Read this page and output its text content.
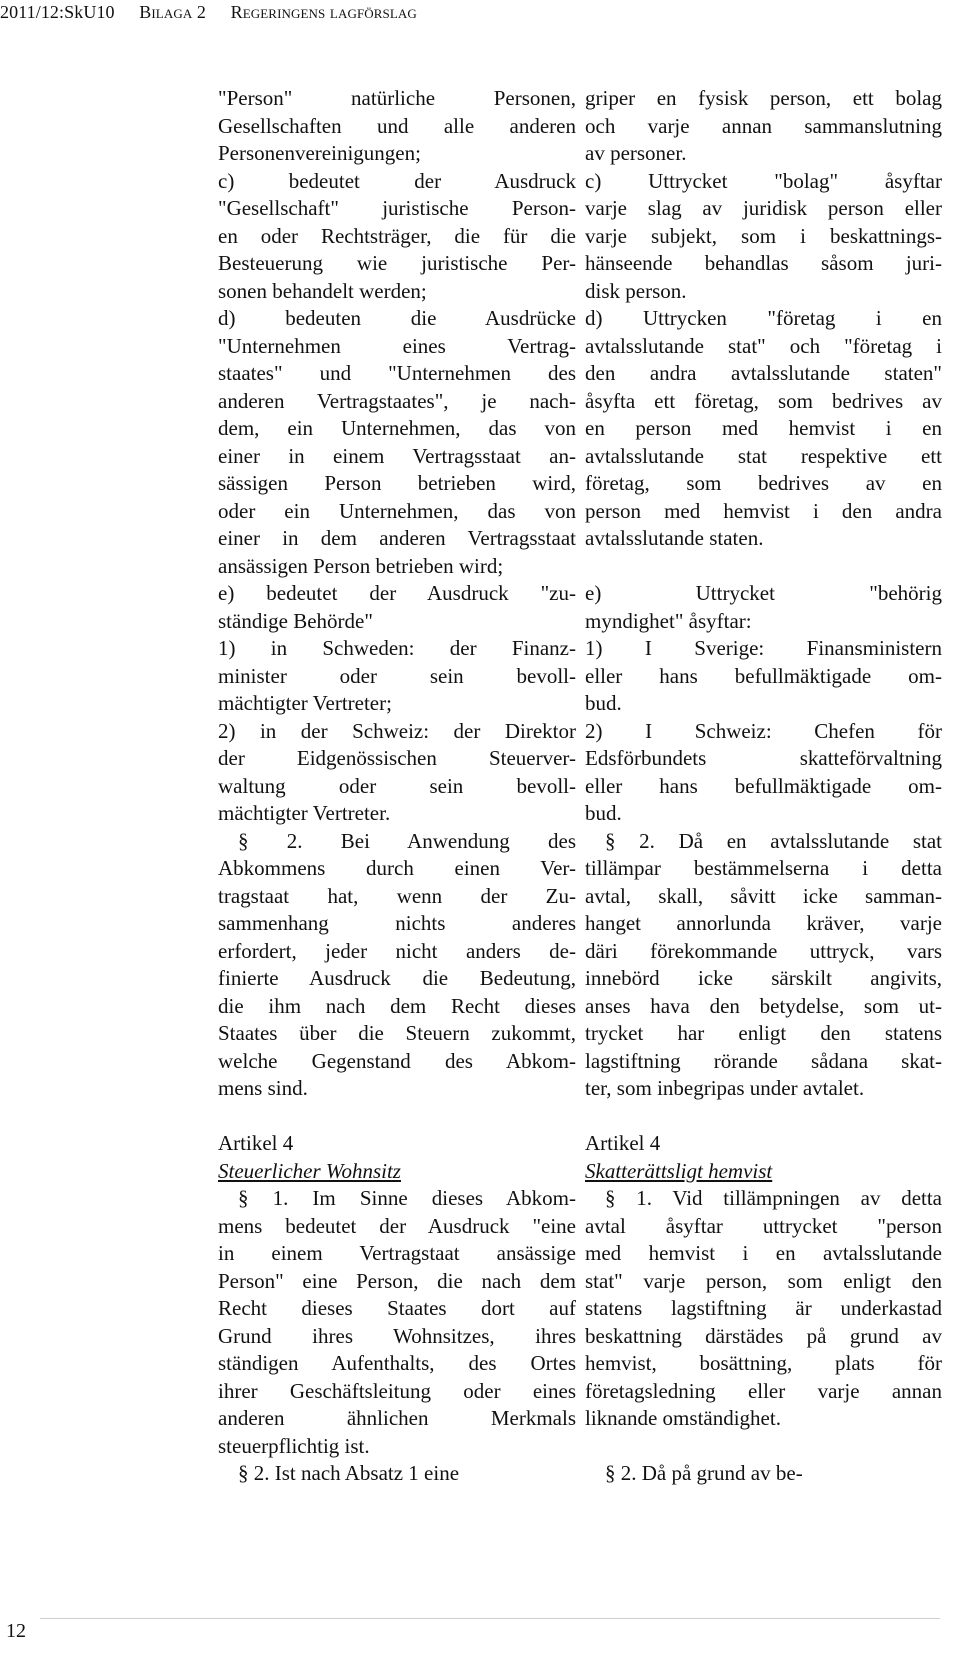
2011/12:SkU10 Bilaga 2 Regeringens lagförslag
"Person" natürliche Personen,
Gesellschaften und alle anderen
Personenvereinigungen;
c) bedeutet der Ausdruck
"Gesellschaft" juristische Person-
en oder Rechtsträger, die für die
Besteuerung wie juristische Per-
sonen behandelt werden;
d) bedeuten die Ausdrücke
"Unternehmen eines Vertrag-
staates" und "Unternehmen des
anderen Vertragstaates", je nach-
dem, ein Unternehmen, das von
einer in einem Vertragsstaat an-
sässigen Person betrieben wird,
oder ein Unternehmen, das von
einer in dem anderen Vertragsstaat
ansässigen Person betrieben wird;
e) bedeutet der Ausdruck "zu-
ständige Behörde"
1) in Schweden: der Finanz-
minister oder sein bevoll-
mächtigter Vertreter;
2) in der Schweiz: der Direktor
der Eidgenössischen Steuerver-
waltung oder sein bevoll-
mächtigter Vertreter.
§ 2. Bei Anwendung des
Abkommens durch einen Ver-
tragstaat hat, wenn der Zu-
sammenhang nichts anderes
erfordert, jeder nicht anders de-
finierte Ausdruck die Bedeutung,
die ihm nach dem Recht dieses
Staates über die Steuern zukommt,
welche Gegenstand des Abkom-
mens sind.
Artikel 4
Steuerlicher Wohnsitz
§ 1. Im Sinne dieses Abkom-
mens bedeutet der Ausdruck "eine
in einem Vertragstaat ansässige
Person" eine Person, die nach dem
Recht dieses Staates dort auf
Grund ihres Wohnsitzes, ihres
ständigen Aufenthalts, des Ortes
ihrer Geschäftsleitung oder eines
anderen ähnlichen Merkmals
steuerpflichtig ist.
§ 2. Ist nach Absatz 1 eine
griper en fysisk person, ett bolag
och varje annan sammanslutning
av personer.
c) Uttrycket "bolag" åsyftar
varje slag av juridisk person eller
varje subjekt, som i beskattnings-
hänseende behandlas såsom juri-
disk person.
d) Uttrycken "företag i en
avtalsslutande stat" och "företag i
den andra avtalsslutande staten"
åsyfta ett företag, som bedrives av
en person med hemvist i en
avtalsslutande stat respektive ett
företag, som bedrives av en
person med hemvist i den andra
avtalsslutande staten.
e) Uttrycket "behörig
myndighet" åsyftar:
1) I Sverige: Finansministern
eller hans befullmäktigade om-
bud.
2) I Schweiz: Chefen för
Edsförbundets skatteförvaltning
eller hans befullmäktigade om-
bud.
§ 2. Då en avtalsslutande stat
tillämpar bestämmelserna i detta
avtal, skall, såvitt icke samman-
hanget annorlunda kräver, varje
däri förekommande uttryck, vars
innebörd icke särskilt angivits,
anses hava den betydelse, som ut-
trycket har enligt den statens
lagstiftning rörande sådana skat-
ter, som inbegripas under avtalet.
Artikel 4
Skatterättsligt hemvist
§ 1. Vid tillämpningen av detta
avtal åsyftar uttrycket "person
med hemvist i en avtalsslutande
stat" varje person, som enligt den
statens lagstiftning är underkastad
beskattning därstädes på grund av
hemvist, bosättning, plats för
företagsledning eller varje annan
liknande omständighet.
§ 2. Då på grund av be-
12
